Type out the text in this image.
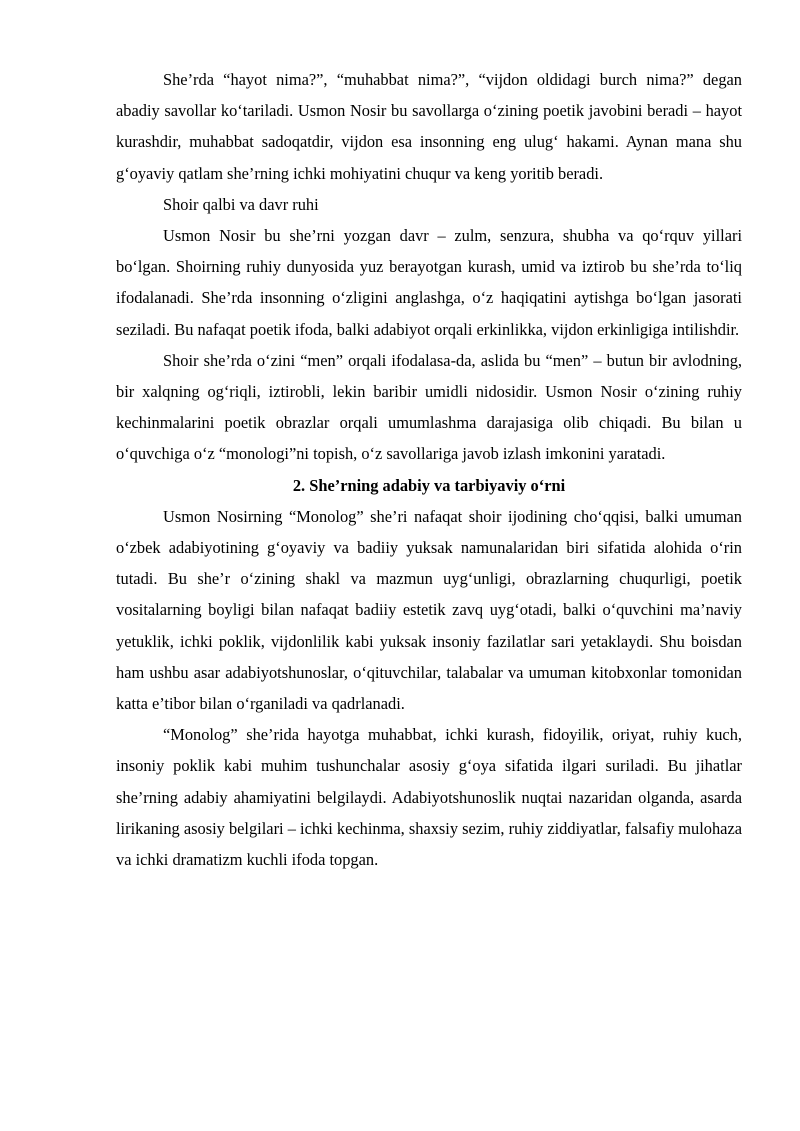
She’rda “hayot nima?”, “muhabbat nima?”, “vijdon oldidagi burch nima?” degan abadiy savollar ko‘tariladi. Usmon Nosir bu savollarga o‘zining poetik javobini beradi – hayot kurashdir, muhabbat sadoqatdir, vijdon esa insonning eng ulug‘ hakami. Aynan mana shu g‘oyaviy qatlam she’rning ichki mohiyatini chuqur va keng yoritib beradi.

Shoir qalbi va davr ruhi

Usmon Nosir bu she’rni yozgan davr – zulm, senzura, shubha va qo‘rquv yillari bo‘lgan. Shoirning ruhiy dunyosida yuz berayotgan kurash, umid va iztirob bu she’rda to‘liq ifodalanadi. She’rda insonning o‘zligini anglashga, o‘z haqiqatini aytishga bo‘lgan jasorati seziladi. Bu nafaqat poetik ifoda, balki adabiyot orqali erkinlikka, vijdon erkinligiga intilishdir.

Shoir she’rda o‘zini “men” orqali ifodalasa-da, aslida bu “men” – butun bir avlodning, bir xalqning og‘riqli, iztirobli, lekin baribir umidli nidosidir. Usmon Nosir o‘zining ruhiy kechinmalarini poetik obrazlar orqali umumlashma darajasiga olib chiqadi. Bu bilan u o‘quvchiga o‘z “monologi”ni topish, o‘z savollariga javob izlash imkonini yaratadi.

2. She’rning adabiy va tarbiyaviy o‘rni

Usmon Nosirning “Monolog” she’ri nafaqat shoir ijodining cho‘qqisi, balki umuman o‘zbek adabiyotining g‘oyaviy va badiiy yuksak namunalaridan biri sifatida alohida o‘rin tutadi. Bu she’r o‘zining shakl va mazmun uyg‘unligi, obrazlarning chuqurligi, poetik vositalarning boyligi bilan nafaqat badiiy estetik zavq uyg‘otadi, balki o‘quvchini ma’naviy yetuklik, ichki poklik, vijdonlilik kabi yuksak insoniy fazilatlar sari yetaklaydi. Shu boisdan ham ushbu asar adabiyotshunoslar, o‘qituvchilar, talabalar va umuman kitobxonlar tomonidan katta e’tibor bilan o‘rganiladi va qadrlanadi.

“Monolog” she’rida hayotga muhabbat, ichki kurash, fidoyilik, oriyat, ruhiy kuch, insoniy poklik kabi muhim tushunchalar asosiy g‘oya sifatida ilgari suriladi. Bu jihatlar she’rning adabiy ahamiyatini belgilaydi. Adabiyotshunoslik nuqtai nazaridan olganda, asarda lirikaning asosiy belgilari – ichki kechinma, shaxsiy sezim, ruhiy ziddiyatlar, falsafiy mulohaza va ichki dramatizm kuchli ifoda topgan.
